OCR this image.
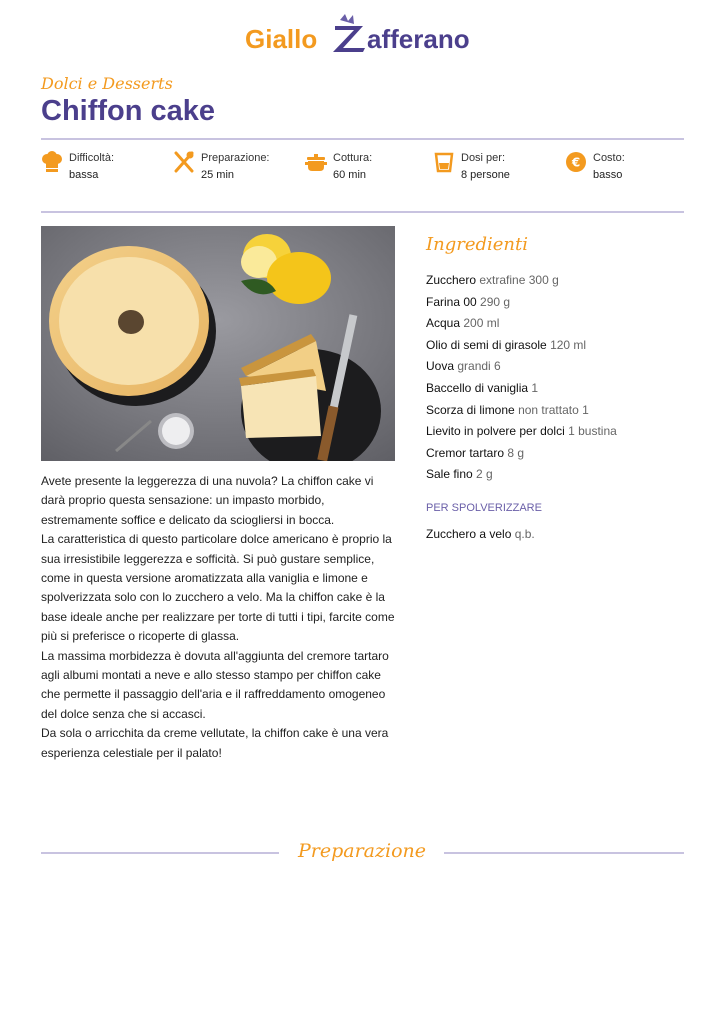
Giallo afferano
Dolci e Desserts
Chiffon cake
Difficoltà:
bassa
Preparazione:
25 min
Cottura:
60 min
Dosi per:
8 persone
€ Costo:
basso

Avete presente la leggerezza di una nuvola? La chiffon cake vi darà proprio questa sensazione: un impasto morbido, estremamente soffice e delicato da sciogliersi in bocca.

La caratteristica di questo particolare dolce americano è proprio la sua irresistibile leggerezza e sofficità. Si può gustare semplice, come in questa versione aromatizzata alla vaniglia e limone e spolverizzata solo con lo zucchero a velo. Ma la chiffon cake è la base ideale anche per realizzare per torte di tutti i tipi, farcite come più si preferisce o ricoperte di glassa.

La massima morbidezza è dovuta all'aggiunta del cremore tartaro agli albumi montati a neve e allo stesso stampo per chiffon cake che permette il passaggio dell'aria e il raffreddamento omogeneo del dolce senza che si accasci.

Da sola o arricchita da creme vellutate, la chiffon cake è una vera esperienza celestiale per il palato!

Ingredienti
Zucchero extrafine 300 g
Farina 00 290 g
Acqua 200 ml
Olio di semi di girasole 120 ml
Uova grandi 6
Baccello di vaniglia 1
Scorza di limone non trattato 1
Lievito in polvere per dolci 1 bustina
Cremor tartaro 8 g
Sale fino 2 g
PER SPOLVERIZZARE
Zucchero a velo q.b.
Preparazione
